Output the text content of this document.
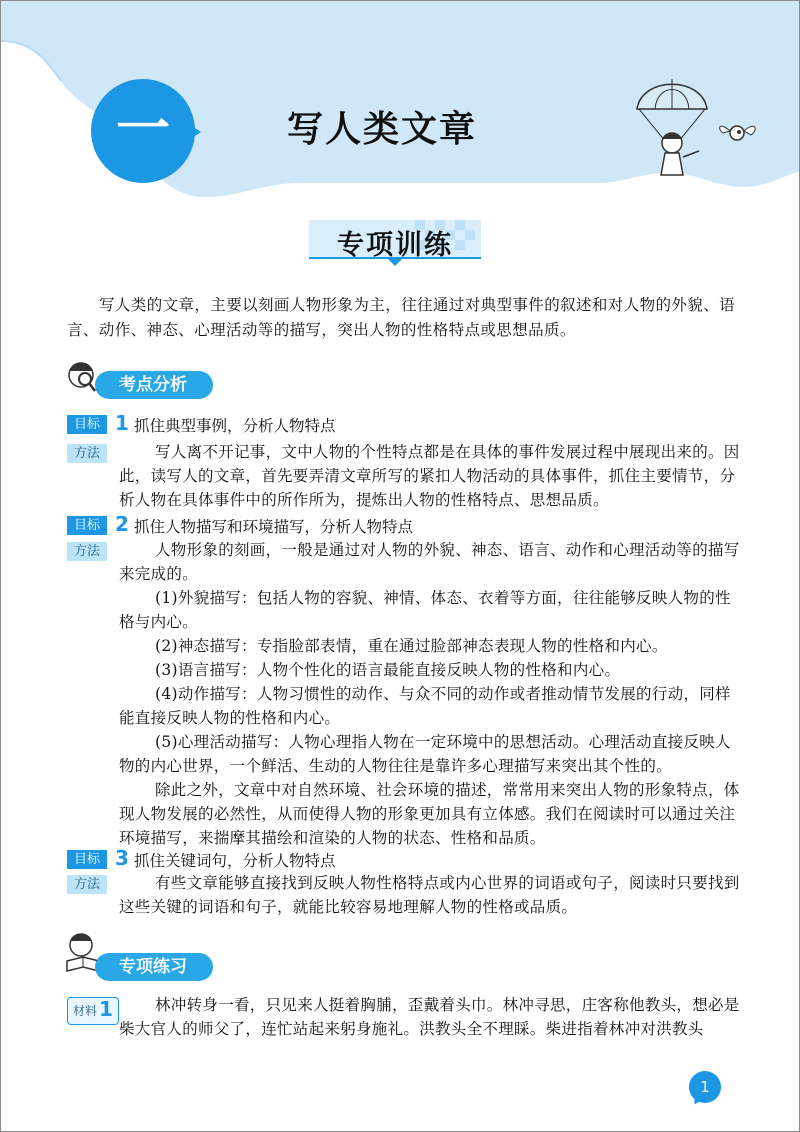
一	写人类文章
专项训练
写人类的文章，主要以刻画人物形象为主，往往通过对典型事件的叙述和对人物的外貌、语言、动作、神态、心理活动等的描写，突出人物的性格特点或思想品质。
考点分析
目标 1 抓住典型事例，分析人物特点
方法	写人离不开记事，文中人物的个性特点都是在具体的事件发展过程中展现出来的。因此，读写人的文章，首先要弄清文章所写的紧扣人物活动的具体事件，抓住主要情节，分析人物在具体事件中的所作所为，提炼出人物的性格特点、思想品质。

目标 2 抓住人物描写和环境描写，分析人物特点
方法	人物形象的刻画，一般是通过对人物的外貌、神态、语言、动作和心理活动等的描写来完成的。

(1)外貌描写：包括人物的容貌、神情、体态、衣着等方面，往往能够反映人物的性格与内心。

(2)神态描写：专指脸部表情，重在通过脸部神态表现人物的性格和内心。

(3)语言描写：人物个性化的语言最能直接反映人物的性格和内心。

(4)动作描写：人物习惯性的动作、与众不同的动作或者推动情节发展的行动，同样能直接反映人物的性格和内心。

(5)心理活动描写：人物心理指人物在一定环境中的思想活动。心理活动直接反映人物的内心世界，一个鲜活、生动的人物往往是靠许多心理描写来突出其个性的。

除此之外，文章中对自然环境、社会环境的描述，常常用来突出人物的形象特点，体现人物发展的必然性，从而使得人物的形象更加具有立体感。我们在阅读时可以通过关注环境描写，来揣摩其描绘和渲染的人物的状态、性格和品质。

目标 3 抓住关键词句，分析人物特点
方法	有些文章能够直接找到反映人物性格特点或内心世界的词语或句子，阅读时只要找到这些关键的词语和句子，就能比较容易地理解人物的性格或品质。

专项练习
材料 1	林冲转身一看，只见来人挺着胸脯，歪戴着头巾。林冲寻思，庄客称他教头，想必是柴大官人的师父了，连忙站起来躬身施礼。洪教头全不理睬。柴进指着林冲对洪教头

1
